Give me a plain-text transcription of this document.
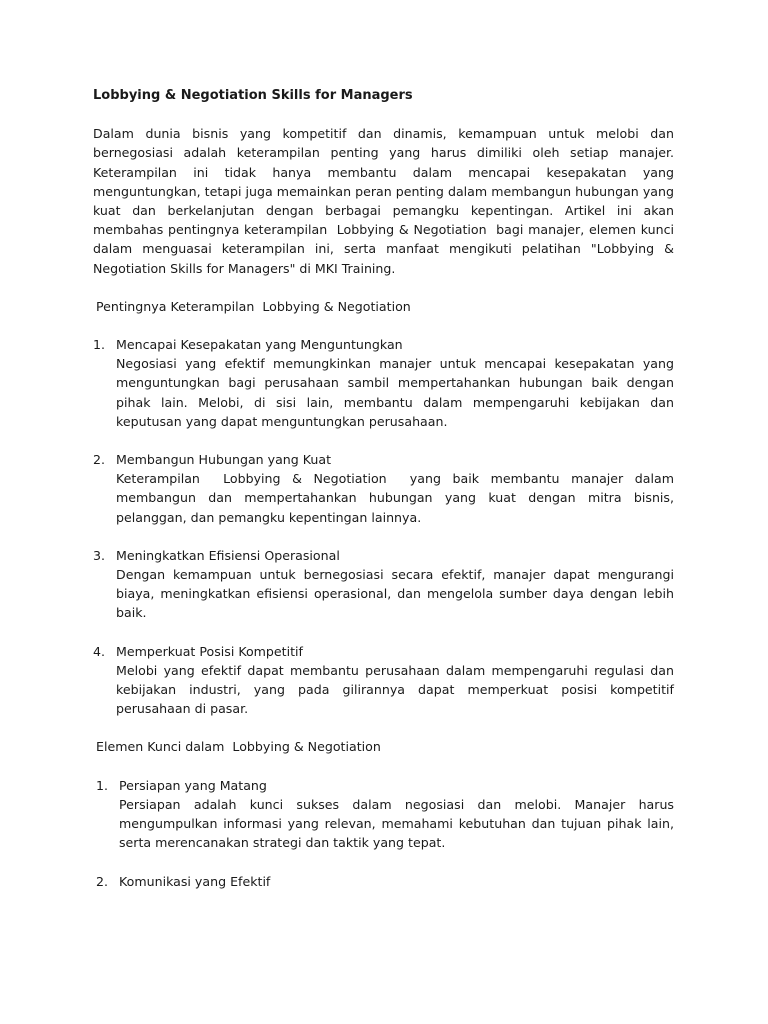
Lobbying & Negotiation Skills for Managers
Dalam dunia bisnis yang kompetitif dan dinamis, kemampuan untuk melobi dan bernegosiasi adalah keterampilan penting yang harus dimiliki oleh setiap manajer. Keterampilan ini tidak hanya membantu dalam mencapai kesepakatan yang menguntungkan, tetapi juga memainkan peran penting dalam membangun hubungan yang kuat dan berkelanjutan dengan berbagai pemangku kepentingan. Artikel ini akan membahas pentingnya keterampilan  Lobbying & Negotiation  bagi manajer, elemen kunci dalam menguasai keterampilan ini, serta manfaat mengikuti pelatihan "Lobbying & Negotiation Skills for Managers" di MKI Training.
Pentingnya Keterampilan  Lobbying & Negotiation
1. Mencapai Kesepakatan yang Menguntungkan
Negosiasi yang efektif memungkinkan manajer untuk mencapai kesepakatan yang menguntungkan bagi perusahaan sambil mempertahankan hubungan baik dengan pihak lain. Melobi, di sisi lain, membantu dalam mempengaruhi kebijakan dan keputusan yang dapat menguntungkan perusahaan.
2. Membangun Hubungan yang Kuat
Keterampilan  Lobbying & Negotiation  yang baik membantu manajer dalam membangun dan mempertahankan hubungan yang kuat dengan mitra bisnis, pelanggan, dan pemangku kepentingan lainnya.
3. Meningkatkan Efisiensi Operasional
Dengan kemampuan untuk bernegosiasi secara efektif, manajer dapat mengurangi biaya, meningkatkan efisiensi operasional, dan mengelola sumber daya dengan lebih baik.
4. Memperkuat Posisi Kompetitif
Melobi yang efektif dapat membantu perusahaan dalam mempengaruhi regulasi dan kebijakan industri, yang pada gilirannya dapat memperkuat posisi kompetitif perusahaan di pasar.
Elemen Kunci dalam  Lobbying & Negotiation
1. Persiapan yang Matang
Persiapan adalah kunci sukses dalam negosiasi dan melobi. Manajer harus mengumpulkan informasi yang relevan, memahami kebutuhan dan tujuan pihak lain, serta merencanakan strategi dan taktik yang tepat.
2. Komunikasi yang Efektif
